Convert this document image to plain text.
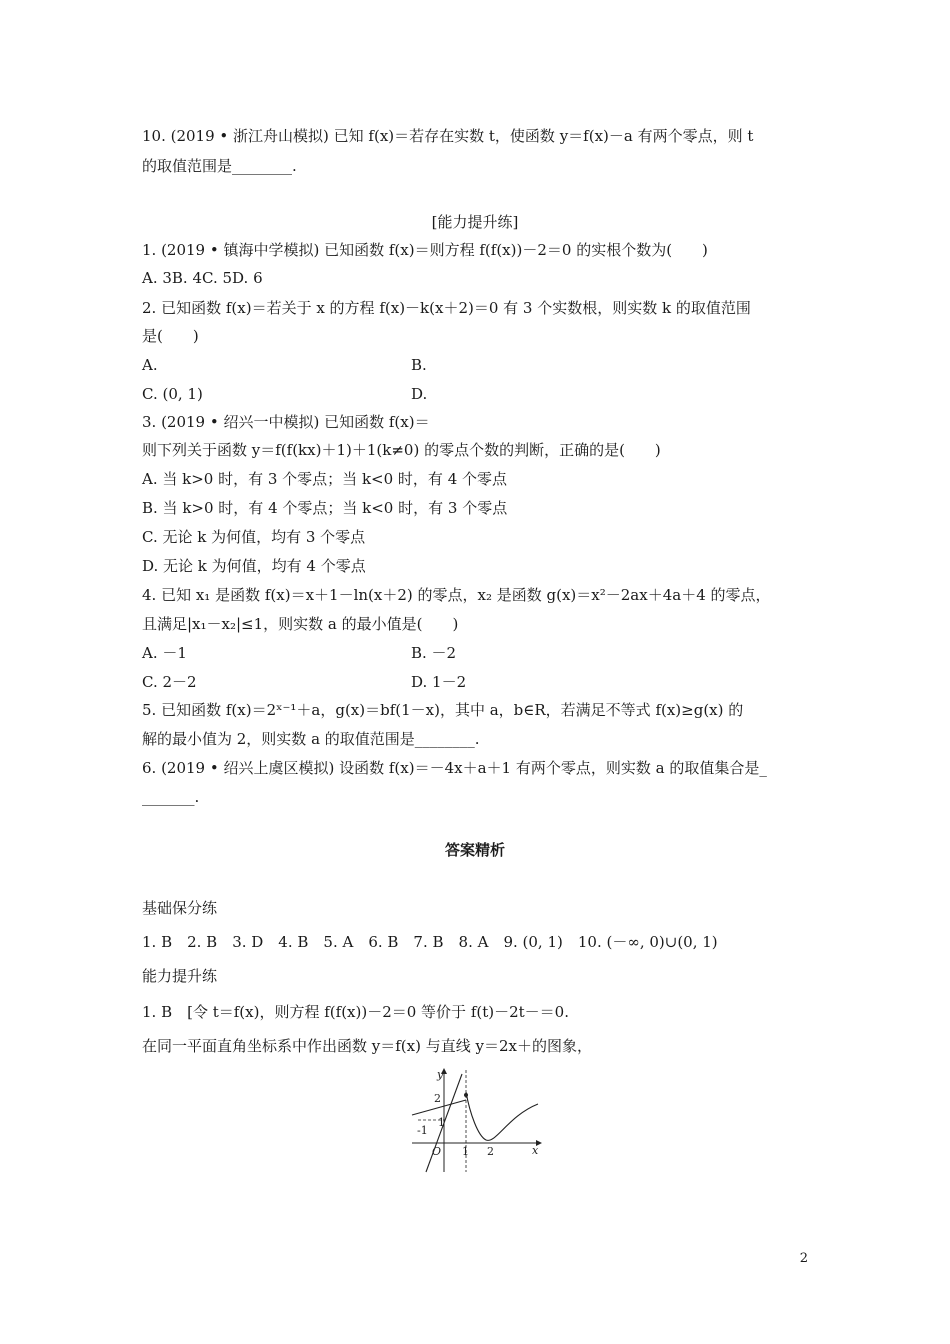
10. (2019 • 浙江舟山模拟) 已知 f(x)＝若存在实数 t，使函数 y＝f(x)－a 有两个零点，则 t
的取值范围是________.
[能力提升练]
1. (2019 • 镇海中学模拟) 已知函数 f(x)＝则方程 f(f(x))－2＝0 的实根个数为(　　)
A. 3B. 4C. 5D. 6
2. 已知函数 f(x)＝若关于 x 的方程 f(x)－k(x＋2)＝0 有 3 个实数根，则实数 k 的取值范围
是(　　)
A.	B.
C. (0, 1)	D.
3. (2019 • 绍兴一中模拟) 已知函数 f(x)＝
则下列关于函数 y＝f(f(kx)＋1)＋1(k≠0) 的零点个数的判断，正确的是(　　)
A. 当 k>0 时，有 3 个零点；当 k<0 时，有 4 个零点
B. 当 k>0 时，有 4 个零点；当 k<0 时，有 3 个零点
C. 无论 k 为何值，均有 3 个零点
D. 无论 k 为何值，均有 4 个零点
4. 已知 x₁ 是函数 f(x)＝x＋1－ln(x＋2) 的零点，x₂ 是函数 g(x)＝x²－2ax＋4a＋4 的零点，
且满足|x₁－x₂|≤1，则实数 a 的最小值是(　　)
A. －1	B. －2
C. 2－2	D. 1－2
5. 已知函数 f(x)＝2ˣ⁻¹＋a，g(x)＝bf(1－x)，其中 a，b∈R，若满足不等式 f(x)≥g(x) 的
解的最小值为 2，则实数 a 的取值范围是________.
6. (2019 • 绍兴上虞区模拟) 设函数 f(x)＝－4x＋a＋1 有两个零点，则实数 a 的取值集合是_
_______.
答案精析
基础保分练
1. B　2. B　3. D　4. B　5. A　6. B　7. B　8. A　9. (0, 1)　10. (－∞, 0)∪(0, 1)
能力提升练
1. B　[令 t＝f(x)，则方程 f(f(x))－2＝0 等价于 f(t)－2t－＝0.
在同一平面直角坐标系中作出函数 y＝f(x) 与直线 y＝2x＋的图象，
y
x
O 1 2
2
1
-1
2
